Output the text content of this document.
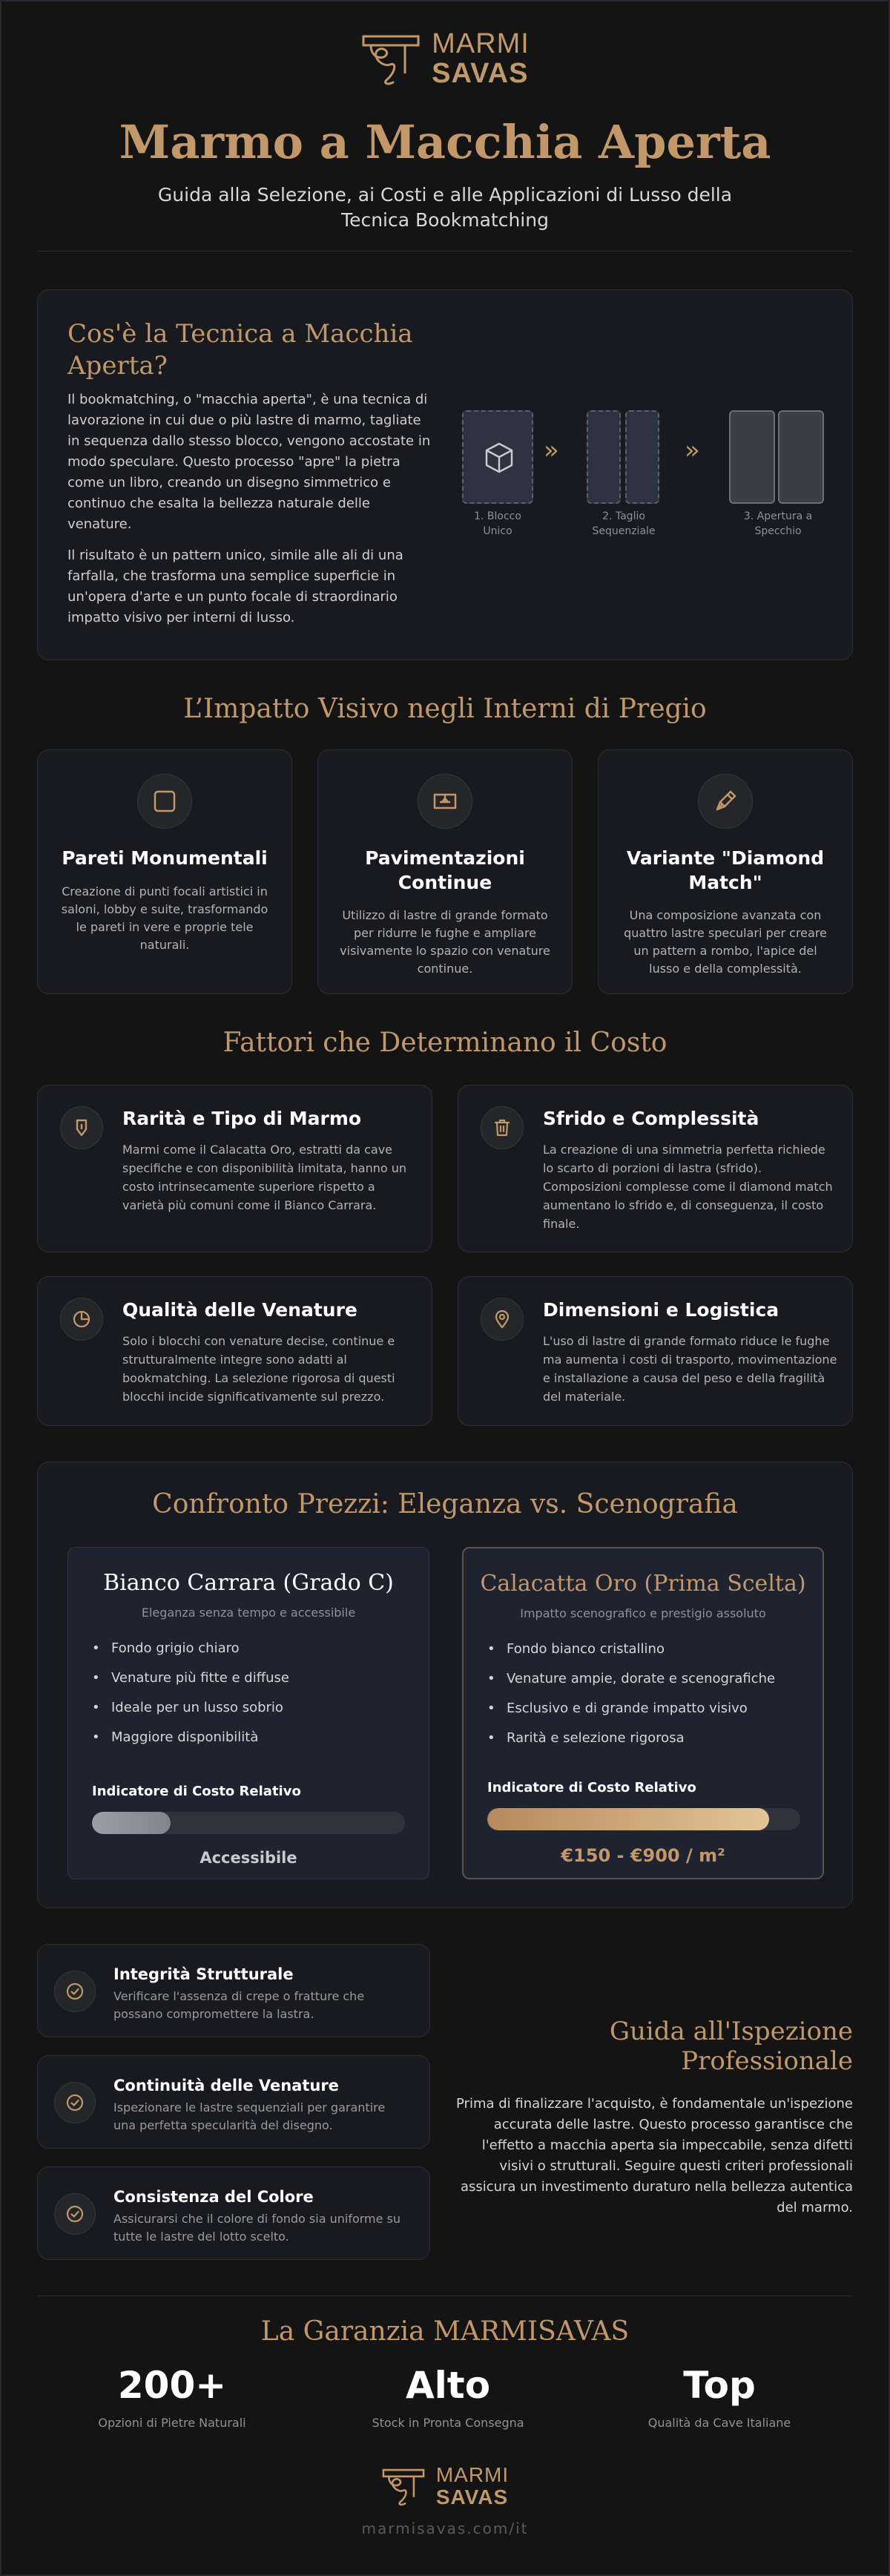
MARMI
SAVAS
Marmo a Macchia Aperta
Guida alla Selezione, ai Costi e alle Applicazioni di Lusso della Tecnica Bookmatching
Cos'è la Tecnica a Macchia Aperta?
Il bookmatching, o "macchia aperta", è una tecnica di lavorazione in cui due o più lastre di marmo, tagliate in sequenza dallo stesso blocco, vengono accostate in modo speculare. Questo processo "apre" la pietra come un libro, creando un disegno simmetrico e continuo che esalta la bellezza naturale delle venature.
Il risultato è un pattern unico, simile alle ali di una farfalla, che trasforma una semplice superficie in un'opera d'arte e un punto focale di straordinario impatto visivo per interni di lusso.
»	»
1. Blocco
Unico
2. Taglio
Sequenziale
3. Apertura a
Specchio
L’Impatto Visivo negli Interni di Pregio
Pareti Monumentali

Creazione di punti focali artistici in saloni, lobby e suite, trasformando le pareti in vere e proprie tele naturali.

Pavimentazioni Continue

Utilizzo di lastre di grande formato per ridurre le fughe e ampliare visivamente lo spazio con venature continue.

Variante "Diamond Match"

Una composizione avanzata con quattro lastre speculari per creare un pattern a rombo, l'apice del lusso e della complessità.

Fattori che Determinano il Costo
Rarità e Tipo di Marmo

Marmi come il Calacatta Oro, estratti da cave specifiche e con disponibilità limitata, hanno un costo intrinsecamente superiore rispetto a varietà più comuni come il Bianco Carrara.

Sfrido e Complessità

La creazione di una simmetria perfetta richiede lo scarto di porzioni di lastra (sfrido). Composizioni complesse come il diamond match aumentano lo sfrido e, di conseguenza, il costo finale.

Qualità delle Venature

Solo i blocchi con venature decise, continue e strutturalmente integre sono adatti al bookmatching. La selezione rigorosa di questi blocchi incide significativamente sul prezzo.

Dimensioni e Logistica

L'uso di lastre di grande formato riduce le fughe ma aumenta i costi di trasporto, movimentazione e installazione a causa del peso e della fragilità del materiale.

Confronto Prezzi: Eleganza vs. Scenografia
Bianco Carrara (Grado C)
Eleganza senza tempo e accessibile
• Fondo grigio chiaro
• Venature più fitte e diffuse
• Ideale per un lusso sobrio
• Maggiore disponibilità
Indicatore di Costo Relativo
Accessibile
Calacatta Oro (Prima Scelta)
Impatto scenografico e prestigio assoluto
• Fondo bianco cristallino
• Venature ampie, dorate e scenografiche
• Esclusivo e di grande impatto visivo
• Rarità e selezione rigorosa
Indicatore di Costo Relativo
€150 - €900 / m²
Integrità Strutturale

Verificare l'assenza di crepe o fratture che possano compromettere la lastra.

Continuità delle Venature

Ispezionare le lastre sequenziali per garantire una perfetta specularità del disegno.

Consistenza del Colore

Assicurarsi che il colore di fondo sia uniforme su tutte le lastre del lotto scelto.

Guida all'Ispezione Professionale

Prima di finalizzare l'acquisto, è fondamentale un'ispezione accurata delle lastre. Questo processo garantisce che l'effetto a macchia aperta sia impeccabile, senza difetti visivi o strutturali. Seguire questi criteri professionali assicura un investimento duraturo nella bellezza autentica del marmo.

La Garanzia MARMISAVAS
200+
Opzioni di Pietre Naturali
Alto
Stock in Pronta Consegna
Top
Qualità da Cave Italiane
MARMI
SAVAS
marmisavas.com/it
